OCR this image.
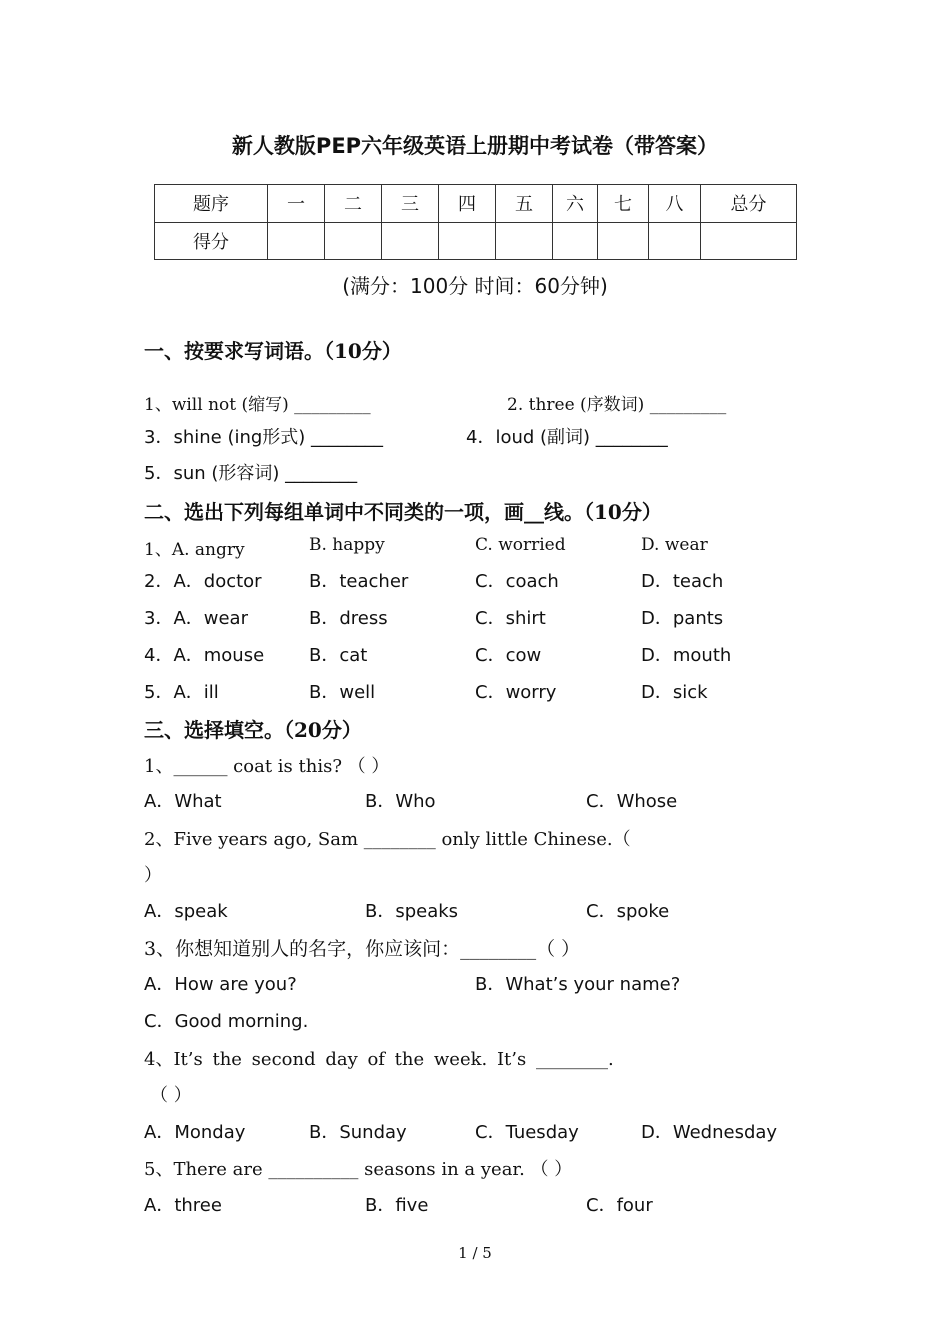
新人教版PEP六年级英语上册期中考试卷（带答案）
题序	一	二	三	四	五	六	七	八	总分
得分									
(满分：100分 时间：60分钟)
一、按要求写词语。（10分）
1、will not (缩写) _________	2. three (序数词) _________
3．shine (ing形式) ________	4．loud (副词) ________
5．sun (形容词) ________
二、选出下列每组单词中不同类的一项，画__线。（10分）
1、A. angry	B. happy	C. worried	D. wear
2．A．doctor	B．teacher	C．coach	D．teach
3．A．wear	B．dress	C．shirt	D．pants
4．A．mouse B．cat	C．cow	D．mouth
5．A．ill	B．well	C．worry	D．sick
三、选择填空。（20分）
1、______ coat is this? （ ）
A．What	B．Who	C．Whose
2、Five years ago, Sam ________ only little Chinese.（
）
A．speak	B．speaks	C．spoke
3、你想知道别人的名字，你应该问：________（ ）
A．How are you?	B．What’s your name?
C．Good morning.
4、It’s the second day of the week. It’s ________.
（ ）
A．Monday	B．Sunday	C．Tuesday	D．Wednesday
5、There are __________ seasons in a year. （ ）
A．three	B．five	C．four
1 / 5
